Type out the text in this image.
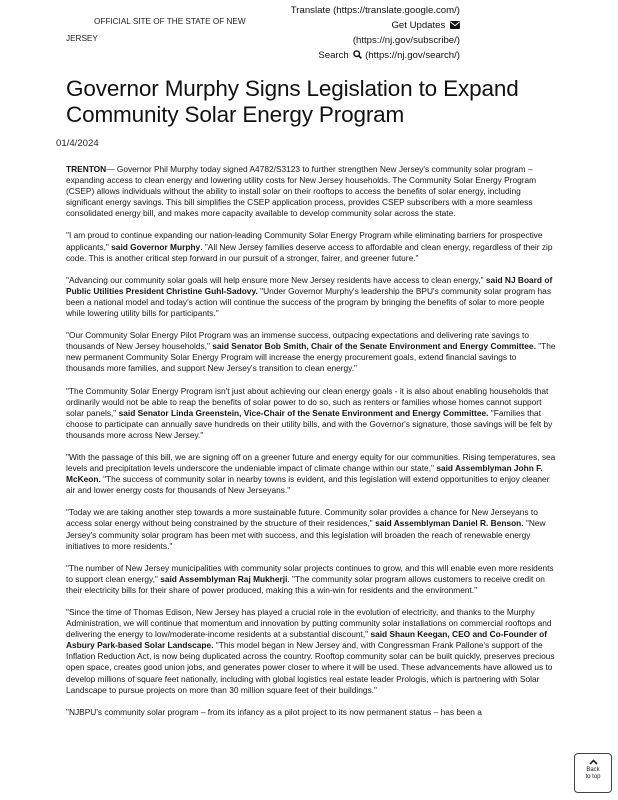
OFFICIAL SITE OF THE STATE OF NEW JERSEY
Translate (https://translate.google.com/)
Get Updates
(https://nj.gov/subscribe/)
Search (https://nj.gov/search/)
Governor Murphy Signs Legislation to Expand Community Solar Energy Program
01/4/2024

TRENTON— Governor Phil Murphy today signed A4782/S3123 to further strengthen New Jersey's community solar program – expanding access to clean energy and lowering utility costs for New Jersey households. The Community Solar Energy Program (CSEP) allows individuals without the ability to install solar on their rooftops to access the benefits of solar energy, including significant energy savings. This bill simplifies the CSEP application process, provides CSEP subscribers with a more seamless consolidated energy bill, and makes more capacity available to develop community solar across the state.

"I am proud to continue expanding our nation-leading Community Solar Energy Program while eliminating barriers for prospective applicants," said Governor Murphy. "All New Jersey families deserve access to affordable and clean energy, regardless of their zip code. This is another critical step forward in our pursuit of a stronger, fairer, and greener future."

"Advancing our community solar goals will help ensure more New Jersey residents have access to clean energy," said NJ Board of Public Utilities President Christine Guhl-Sadovy. "Under Governor Murphy's leadership the BPU's community solar program has been a national model and today's action will continue the success of the program by bringing the benefits of solar to more people while lowering utility bills for participants."

"Our Community Solar Energy Pilot Program was an immense success, outpacing expectations and delivering rate savings to thousands of New Jersey households," said Senator Bob Smith, Chair of the Senate Environment and Energy Committee. "The new permanent Community Solar Energy Program will increase the energy procurement goals, extend financial savings to thousands more families, and support New Jersey's transition to clean energy."

"The Community Solar Energy Program isn't just about achieving our clean energy goals - it is also about enabling households that ordinarily would not be able to reap the benefits of solar power to do so, such as renters or families whose homes cannot support solar panels," said Senator Linda Greenstein, Vice-Chair of the Senate Environment and Energy Committee. "Families that choose to participate can annually save hundreds on their utility bills, and with the Governor's signature, those savings will be felt by thousands more across New Jersey."

"With the passage of this bill, we are signing off on a greener future and energy equity for our communities. Rising temperatures, sea levels and precipitation levels underscore the undeniable impact of climate change within our state," said Assemblyman John F. McKeon. "The success of community solar in nearby towns is evident, and this legislation will extend opportunities to enjoy cleaner air and lower energy costs for thousands of New Jerseyans."

"Today we are taking another step towards a more sustainable future. Community solar provides a chance for New Jerseyans to access solar energy without being constrained by the structure of their residences," said Assemblyman Daniel R. Benson. "New Jersey's community solar program has been met with success, and this legislation will broaden the reach of renewable energy initiatives to more residents."

"The number of New Jersey municipalities with community solar projects continues to grow, and this will enable even more residents to support clean energy," said Assemblyman Raj Mukherji. "The community solar program allows customers to receive credit on their electricity bills for their share of power produced, making this a win-win for residents and the environment."

"Since the time of Thomas Edison, New Jersey has played a crucial role in the evolution of electricity, and thanks to the Murphy Administration, we will continue that momentum and innovation by putting community solar installations on commercial rooftops and delivering the energy to low/moderate-income residents at a substantial discount," said Shaun Keegan, CEO and Co-Founder of Asbury Park-based Solar Landscape. "This model began in New Jersey and, with Congressman Frank Pallone's support of the Inflation Reduction Act, is now being duplicated across the country. Rooftop community solar can be built quickly, preserves precious open space, creates good union jobs, and generates power closer to where it will be used. These advancements have allowed us to develop millions of square feet nationally, including with global logistics real estate leader Prologis, which is partnering with Solar Landscape to pursue projects on more than 30 million square feet of their buildings."

"NJBPU's community solar program – from its infancy as a pilot project to its now permanent status – has been a

Back
to top
